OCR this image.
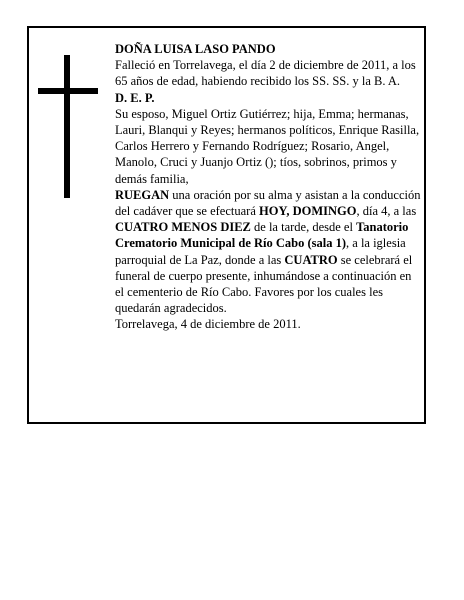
DOÑA LUISA LASO PANDO

Falleció en Torrelavega, el día 2 de diciembre de 2011, a los 65 años de edad, habiendo recibido los SS. SS. y la B. A.

D. E. P.

Su esposo, Miguel Ortiz Gutiérrez; hija, Emma; hermanas, Lauri, Blanqui y Reyes; hermanos políticos, Enrique Rasilla, Carlos Herrero y Fernando Rodríguez; Rosario, Angel, Manolo, Cruci y Juanjo Ortiz (); tíos, sobrinos, primos y demás familia,

RUEGAN una oración por su alma y asistan a la conducción del cadáver que se efectuará HOY, DOMINGO, día 4, a las CUATRO MENOS DIEZ de la tarde, desde el Tanatorio Crematorio Municipal de Río Cabo (sala 1), a la iglesia parroquial de La Paz, donde a las CUATRO se celebrará el funeral de cuerpo presente, inhumándose a continuación en el cementerio de Río Cabo. Favores por los cuales les quedarán agradecidos.

Torrelavega, 4 de diciembre de 2011.
